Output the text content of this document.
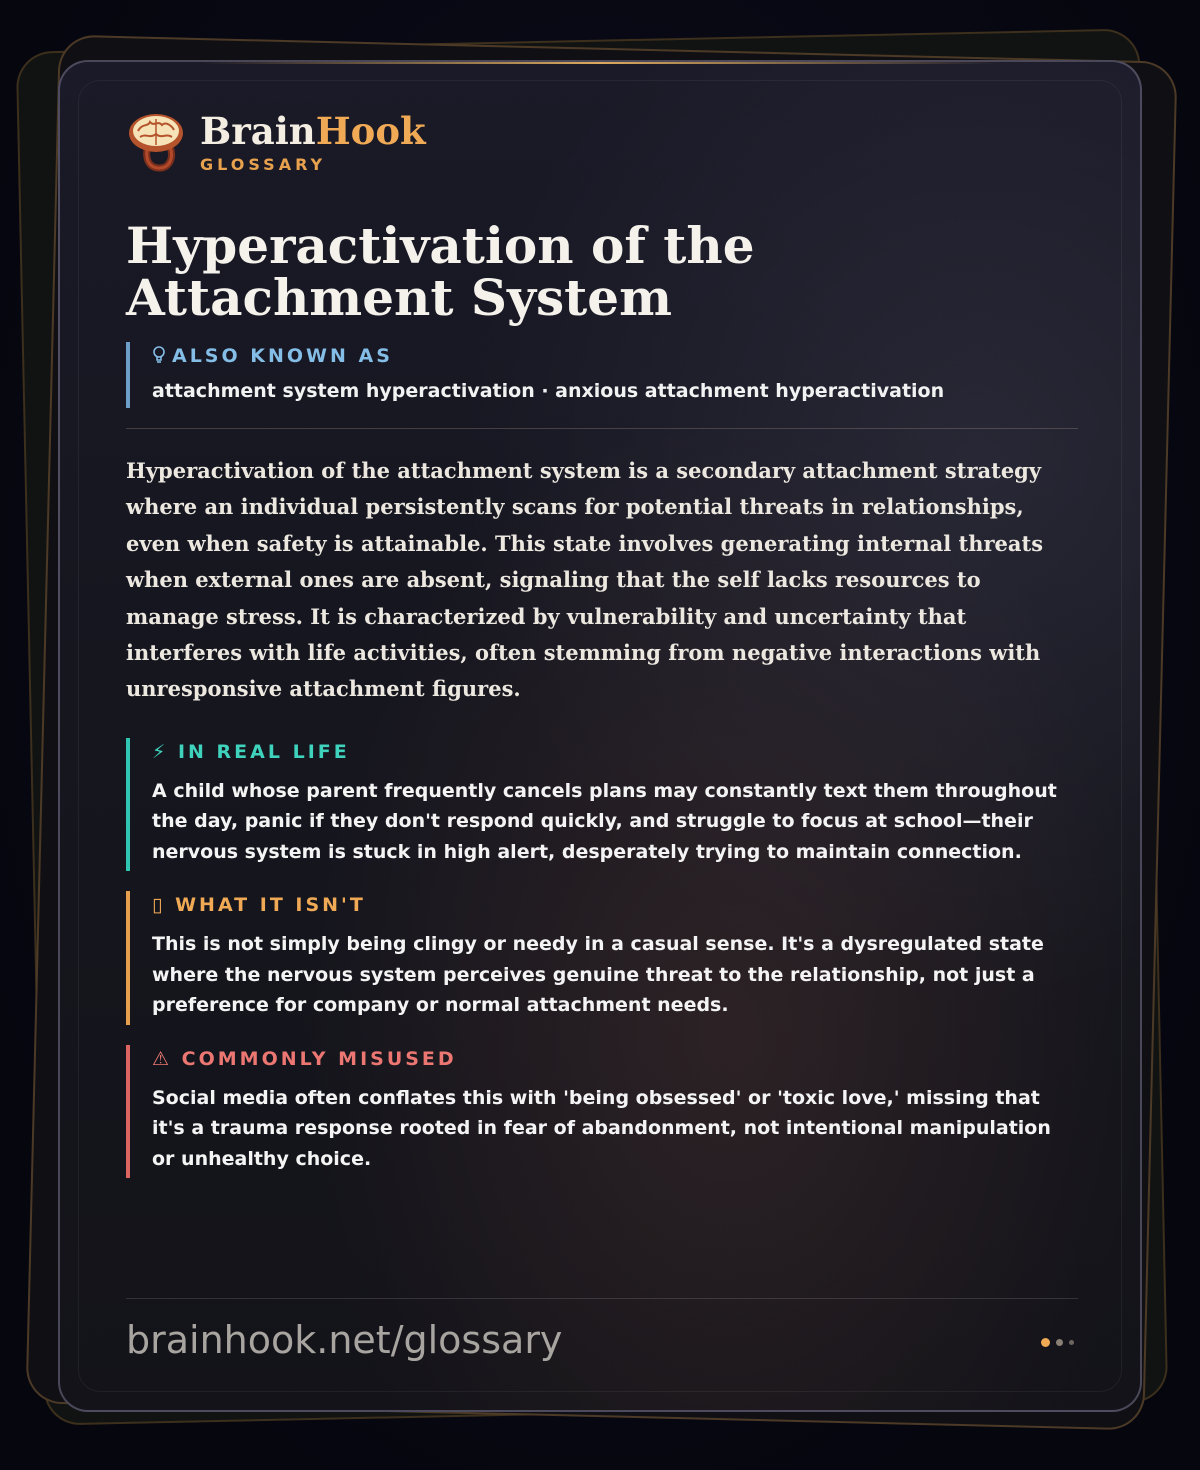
BrainHook
GLOSSARY
Hyperactivation of the Attachment System
ALSO KNOWN AS
attachment system hyperactivation · anxious attachment hyperactivation

Hyperactivation of the attachment system is a secondary attachment strategy where an individual persistently scans for potential threats in relationships, even when safety is attainable. This state involves generating internal threats when external ones are absent, signaling that the self lacks resources to manage stress. It is characterized by vulnerability and uncertainty that interferes with life activities, often stemming from negative interactions with unresponsive attachment figures.

⚡ IN REAL LIFE
A child whose parent frequently cancels plans may constantly text them throughout the day, panic if they don't respond quickly, and struggle to focus at school—their nervous system is stuck in high alert, desperately trying to maintain connection.
▯ WHAT IT ISN'T
This is not simply being clingy or needy in a casual sense. It's a dysregulated state where the nervous system perceives genuine threat to the relationship, not just a preference for company or normal attachment needs.
⚠ COMMONLY MISUSED
Social media often conflates this with 'being obsessed' or 'toxic love,' missing that it's a trauma response rooted in fear of abandonment, not intentional manipulation or unhealthy choice.
brainhook.net/glossary
